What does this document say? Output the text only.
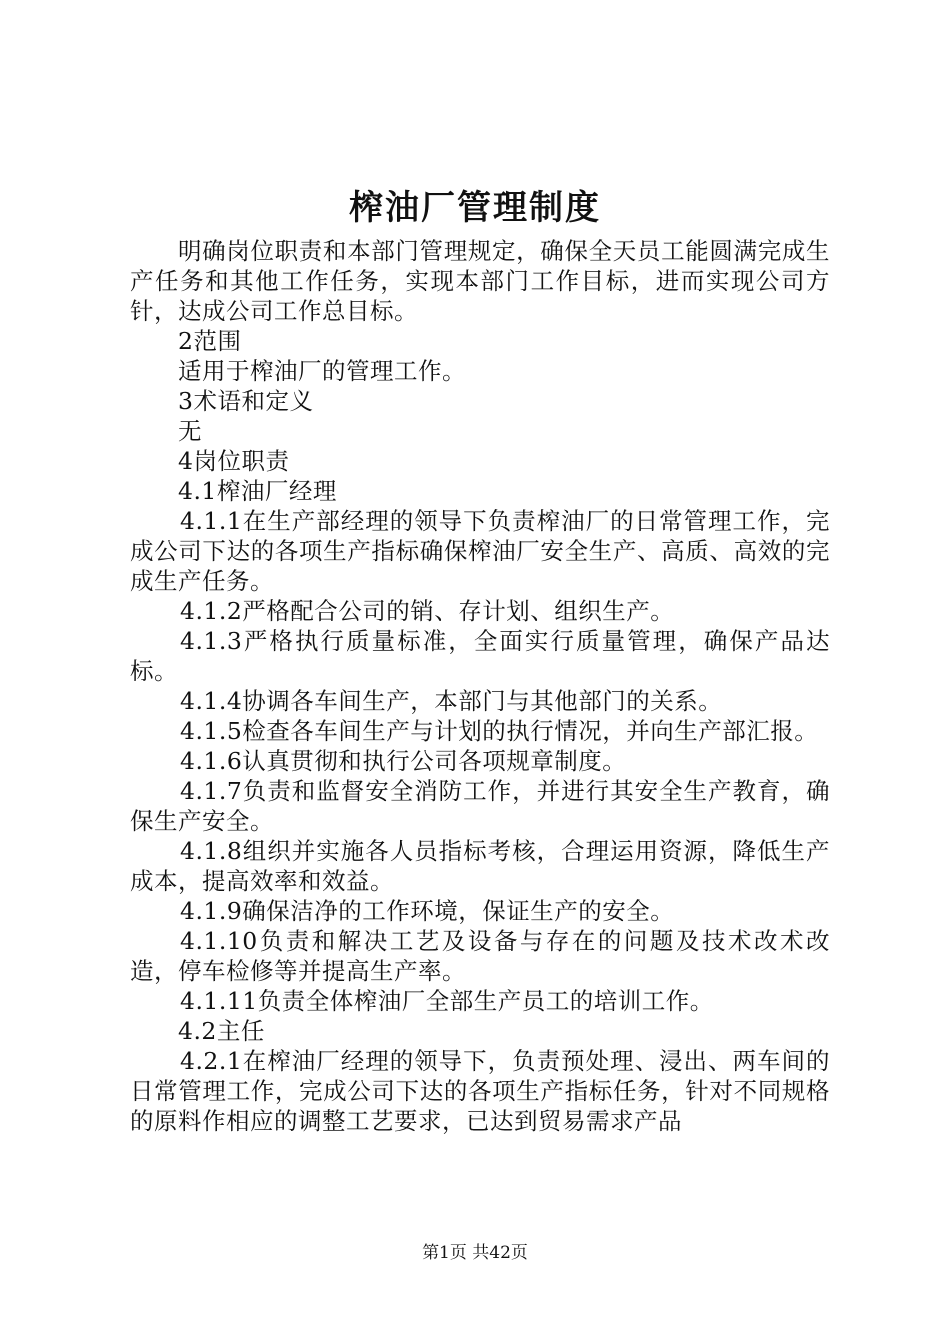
榨油厂管理制度

明确岗位职责和本部门管理规定，确保全天员工能圆满完成生产任务和其他工作任务，实现本部门工作目标，进而实现公司方针，达成公司工作总目标。

2范围

适用于榨油厂的管理工作。

3术语和定义

无

4岗位职责

4.1榨油厂经理

4.1.1在生产部经理的领导下负责榨油厂的日常管理工作，完成公司下达的各项生产指标确保榨油厂安全生产、高质、高效的完成生产任务。

4.1.2严格配合公司的销、存计划、组织生产。

4.1.3严格执行质量标准，全面实行质量管理，确保产品达标。

4.1.4协调各车间生产，本部门与其他部门的关系。

4.1.5检查各车间生产与计划的执行情况，并向生产部汇报。

4.1.6认真贯彻和执行公司各项规章制度。

4.1.7负责和监督安全消防工作，并进行其安全生产教育，确保生产安全。

4.1.8组织并实施各人员指标考核，合理运用资源，降低生产成本，提高效率和效益。

4.1.9确保洁净的工作环境，保证生产的安全。

4.1.10负责和解决工艺及设备与存在的问题及技术改术改造，停车检修等并提高生产率。

4.1.11负责全体榨油厂全部生产员工的培训工作。

4.2主任

4.2.1在榨油厂经理的领导下，负责预处理、浸出、两车间的日常管理工作，完成公司下达的各项生产指标任务，针对不同规格的原料作相应的调整工艺要求，已达到贸易需求产品

第1页 共42页
